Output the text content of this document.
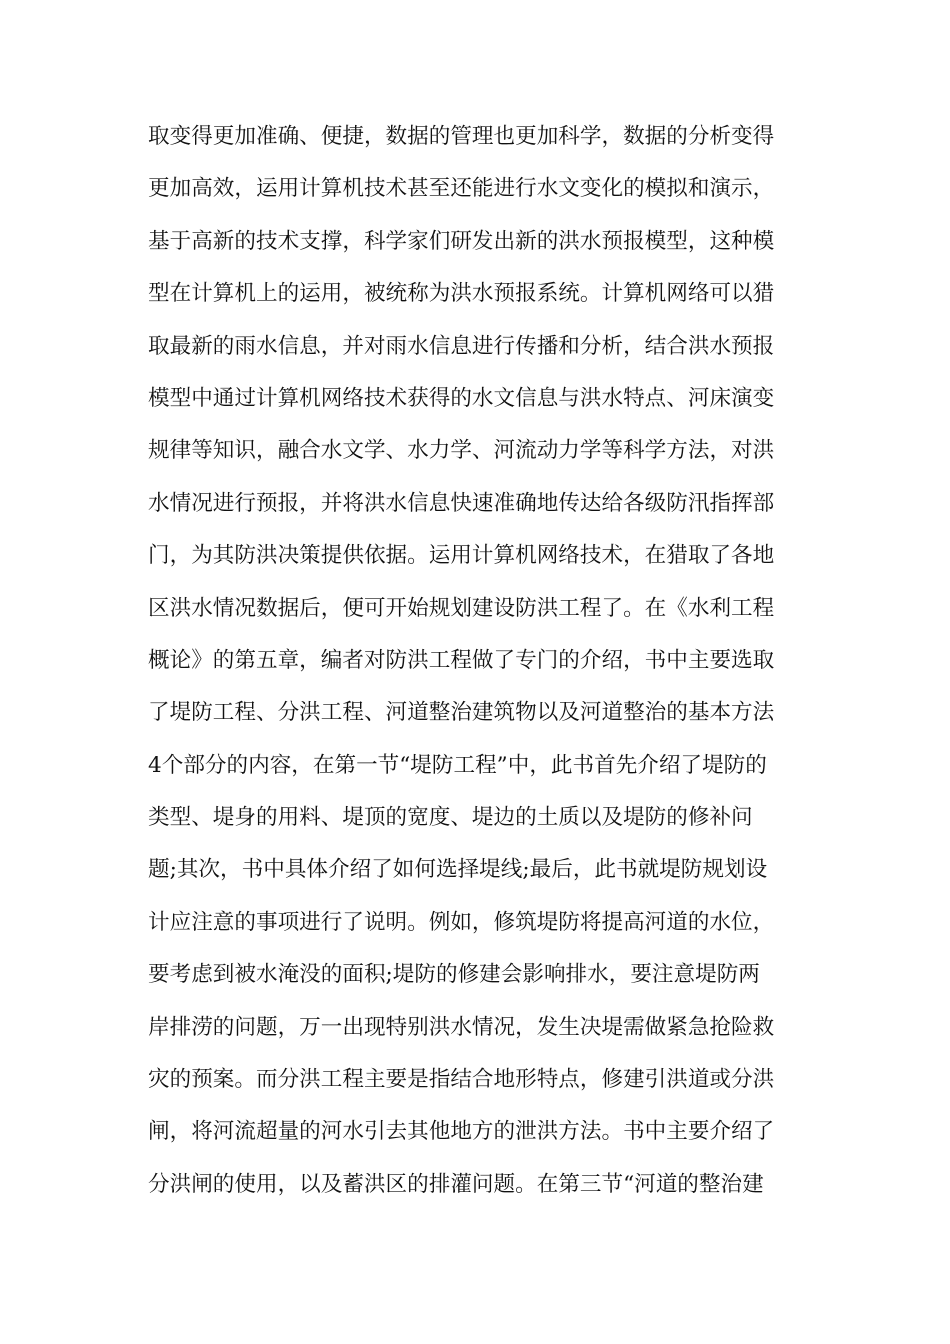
取变得更加准确、便捷，数据的管理也更加科学，数据的分析变得
更加高效，运用计算机技术甚至还能进行水文变化的模拟和演示，
基于高新的技术支撑，科学家们研发出新的洪水预报模型，这种模
型在计算机上的运用，被统称为洪水预报系统。计算机网络可以猎
取最新的雨水信息，并对雨水信息进行传播和分析，结合洪水预报
模型中通过计算机网络技术获得的水文信息与洪水特点、河床演变
规律等知识，融合水文学、水力学、河流动力学等科学方法，对洪
水情况进行预报，并将洪水信息快速准确地传达给各级防汛指挥部
门，为其防洪决策提供依据。运用计算机网络技术，在猎取了各地
区洪水情况数据后，便可开始规划建设防洪工程了。在《水利工程
概论》的第五章，编者对防洪工程做了专门的介绍，书中主要选取
了堤防工程、分洪工程、河道整治建筑物以及河道整治的基本方法
4个部分的内容，在第一节“堤防工程”中，此书首先介绍了堤防的
类型、堤身的用料、堤顶的宽度、堤边的土质以及堤防的修补问
题;其次，书中具体介绍了如何选择堤线;最后，此书就堤防规划设
计应注意的事项进行了说明。例如，修筑堤防将提高河道的水位，
要考虑到被水淹没的面积;堤防的修建会影响排水，要注意堤防两
岸排涝的问题，万一出现特别洪水情况，发生决堤需做紧急抢险救
灾的预案。而分洪工程主要是指结合地形特点，修建引洪道或分洪
闸，将河流超量的河水引去其他地方的泄洪方法。书中主要介绍了
分洪闸的使用，以及蓄洪区的排灌问题。在第三节“河道的整治建
